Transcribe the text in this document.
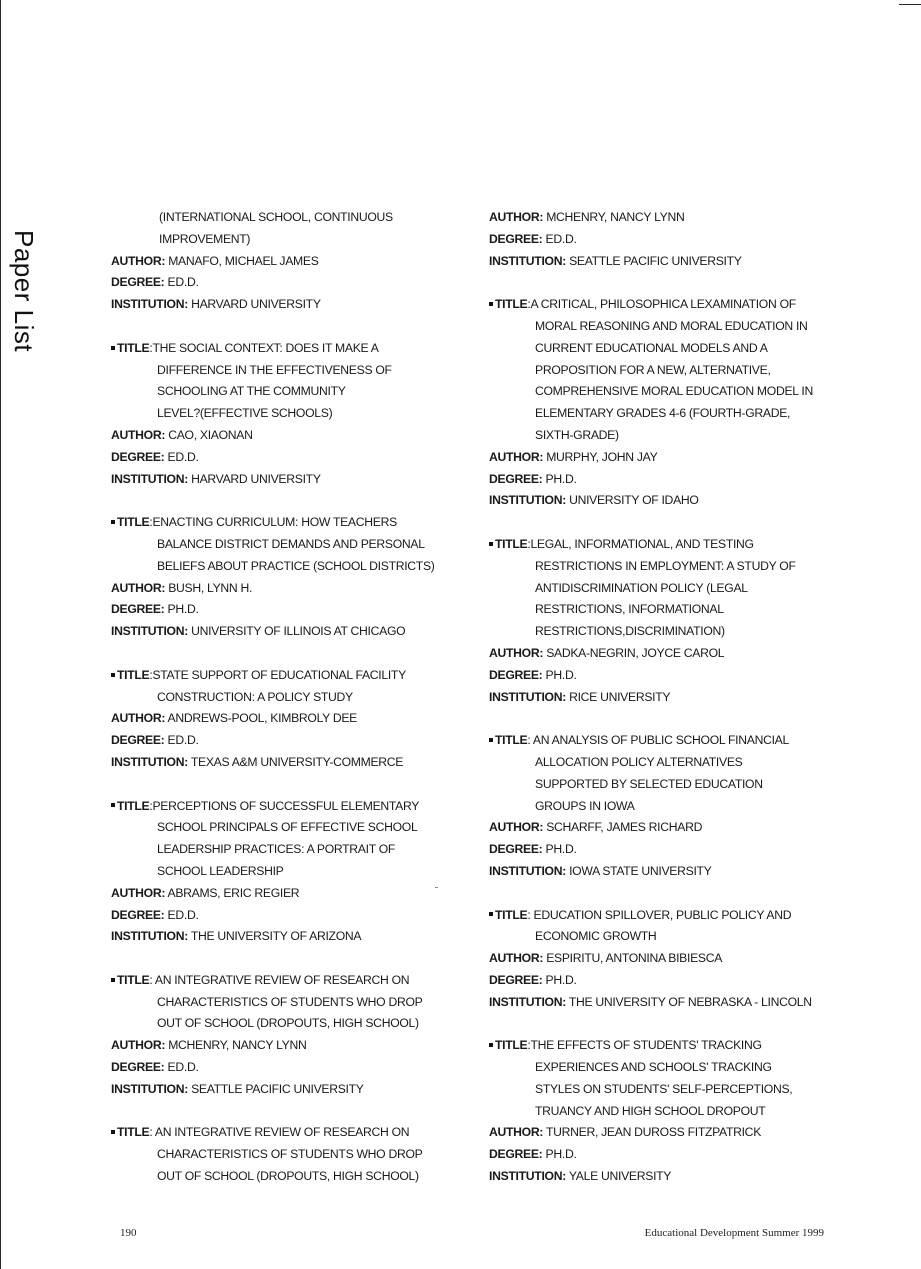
Paper List
(INTERNATIONAL SCHOOL, CONTINUOUS
IMPROVEMENT)
AUTHOR: MANAFO, MICHAEL JAMES
DEGREE: ED.D.
INSTITUTION: HARVARD UNIVERSITY
TITLE:THE SOCIAL CONTEXT: DOES IT MAKE A
DIFFERENCE IN THE EFFECTIVENESS OF
SCHOOLING AT THE COMMUNITY
LEVEL?(EFFECTIVE SCHOOLS)
AUTHOR: CAO, XIAONAN
DEGREE: ED.D.
INSTITUTION: HARVARD UNIVERSITY
TITLE:ENACTING CURRICULUM: HOW TEACHERS
BALANCE DISTRICT DEMANDS AND PERSONAL
BELIEFS ABOUT PRACTICE (SCHOOL DISTRICTS)
AUTHOR: BUSH, LYNN H.
DEGREE: PH.D.
INSTITUTION: UNIVERSITY OF ILLINOIS AT CHICAGO
TITLE:STATE SUPPORT OF EDUCATIONAL FACILITY
CONSTRUCTION: A POLICY STUDY
AUTHOR: ANDREWS-POOL, KIMBROLY DEE
DEGREE: ED.D.
INSTITUTION: TEXAS A&M UNIVERSITY-COMMERCE
TITLE:PERCEPTIONS OF SUCCESSFUL ELEMENTARY
SCHOOL PRINCIPALS OF EFFECTIVE SCHOOL
LEADERSHIP PRACTICES: A PORTRAIT OF
SCHOOL LEADERSHIP
AUTHOR: ABRAMS, ERIC REGIER
DEGREE: ED.D.
INSTITUTION: THE UNIVERSITY OF ARIZONA
TITLE: AN INTEGRATIVE REVIEW OF RESEARCH ON
CHARACTERISTICS OF STUDENTS WHO DROP
OUT OF SCHOOL (DROPOUTS, HIGH SCHOOL)
AUTHOR: MCHENRY, NANCY LYNN
DEGREE: ED.D.
INSTITUTION: SEATTLE PACIFIC UNIVERSITY
TITLE: AN INTEGRATIVE REVIEW OF RESEARCH ON
CHARACTERISTICS OF STUDENTS WHO DROP
OUT OF SCHOOL (DROPOUTS, HIGH SCHOOL)
AUTHOR: MCHENRY, NANCY LYNN
DEGREE: ED.D.
INSTITUTION: SEATTLE PACIFIC UNIVERSITY
TITLE:A CRITICAL, PHILOSOPHICA LEXAMINATION OF
MORAL REASONING AND MORAL EDUCATION IN
CURRENT EDUCATIONAL MODELS AND A
PROPOSITION FOR A NEW, ALTERNATIVE,
COMPREHENSIVE MORAL EDUCATION MODEL IN
ELEMENTARY GRADES 4-6 (FOURTH-GRADE,
SIXTH-GRADE)
AUTHOR: MURPHY, JOHN JAY
DEGREE: PH.D.
INSTITUTION: UNIVERSITY OF IDAHO
TITLE:LEGAL, INFORMATIONAL, AND TESTING
RESTRICTIONS IN EMPLOYMENT: A STUDY OF
ANTIDISCRIMINATION POLICY (LEGAL
RESTRICTIONS, INFORMATIONAL
RESTRICTIONS,DISCRIMINATION)
AUTHOR: SADKA-NEGRIN, JOYCE CAROL
DEGREE: PH.D.
INSTITUTION: RICE UNIVERSITY
TITLE: AN ANALYSIS OF PUBLIC SCHOOL FINANCIAL
ALLOCATION POLICY ALTERNATIVES
SUPPORTED BY SELECTED EDUCATION
GROUPS IN IOWA
AUTHOR: SCHARFF, JAMES RICHARD
DEGREE: PH.D.
INSTITUTION: IOWA STATE UNIVERSITY
TITLE: EDUCATION SPILLOVER, PUBLIC POLICY AND
ECONOMIC GROWTH
AUTHOR: ESPIRITU, ANTONINA BIBIESCA
DEGREE: PH.D.
INSTITUTION: THE UNIVERSITY OF NEBRASKA - LINCOLN
TITLE:THE EFFECTS OF STUDENTS' TRACKING
EXPERIENCES AND SCHOOLS' TRACKING
STYLES ON STUDENTS' SELF-PERCEPTIONS,
TRUANCY AND HIGH SCHOOL DROPOUT
AUTHOR: TURNER, JEAN DUROSS FITZPATRICK
DEGREE: PH.D.
INSTITUTION: YALE UNIVERSITY
190	Educational Development Summer 1999
